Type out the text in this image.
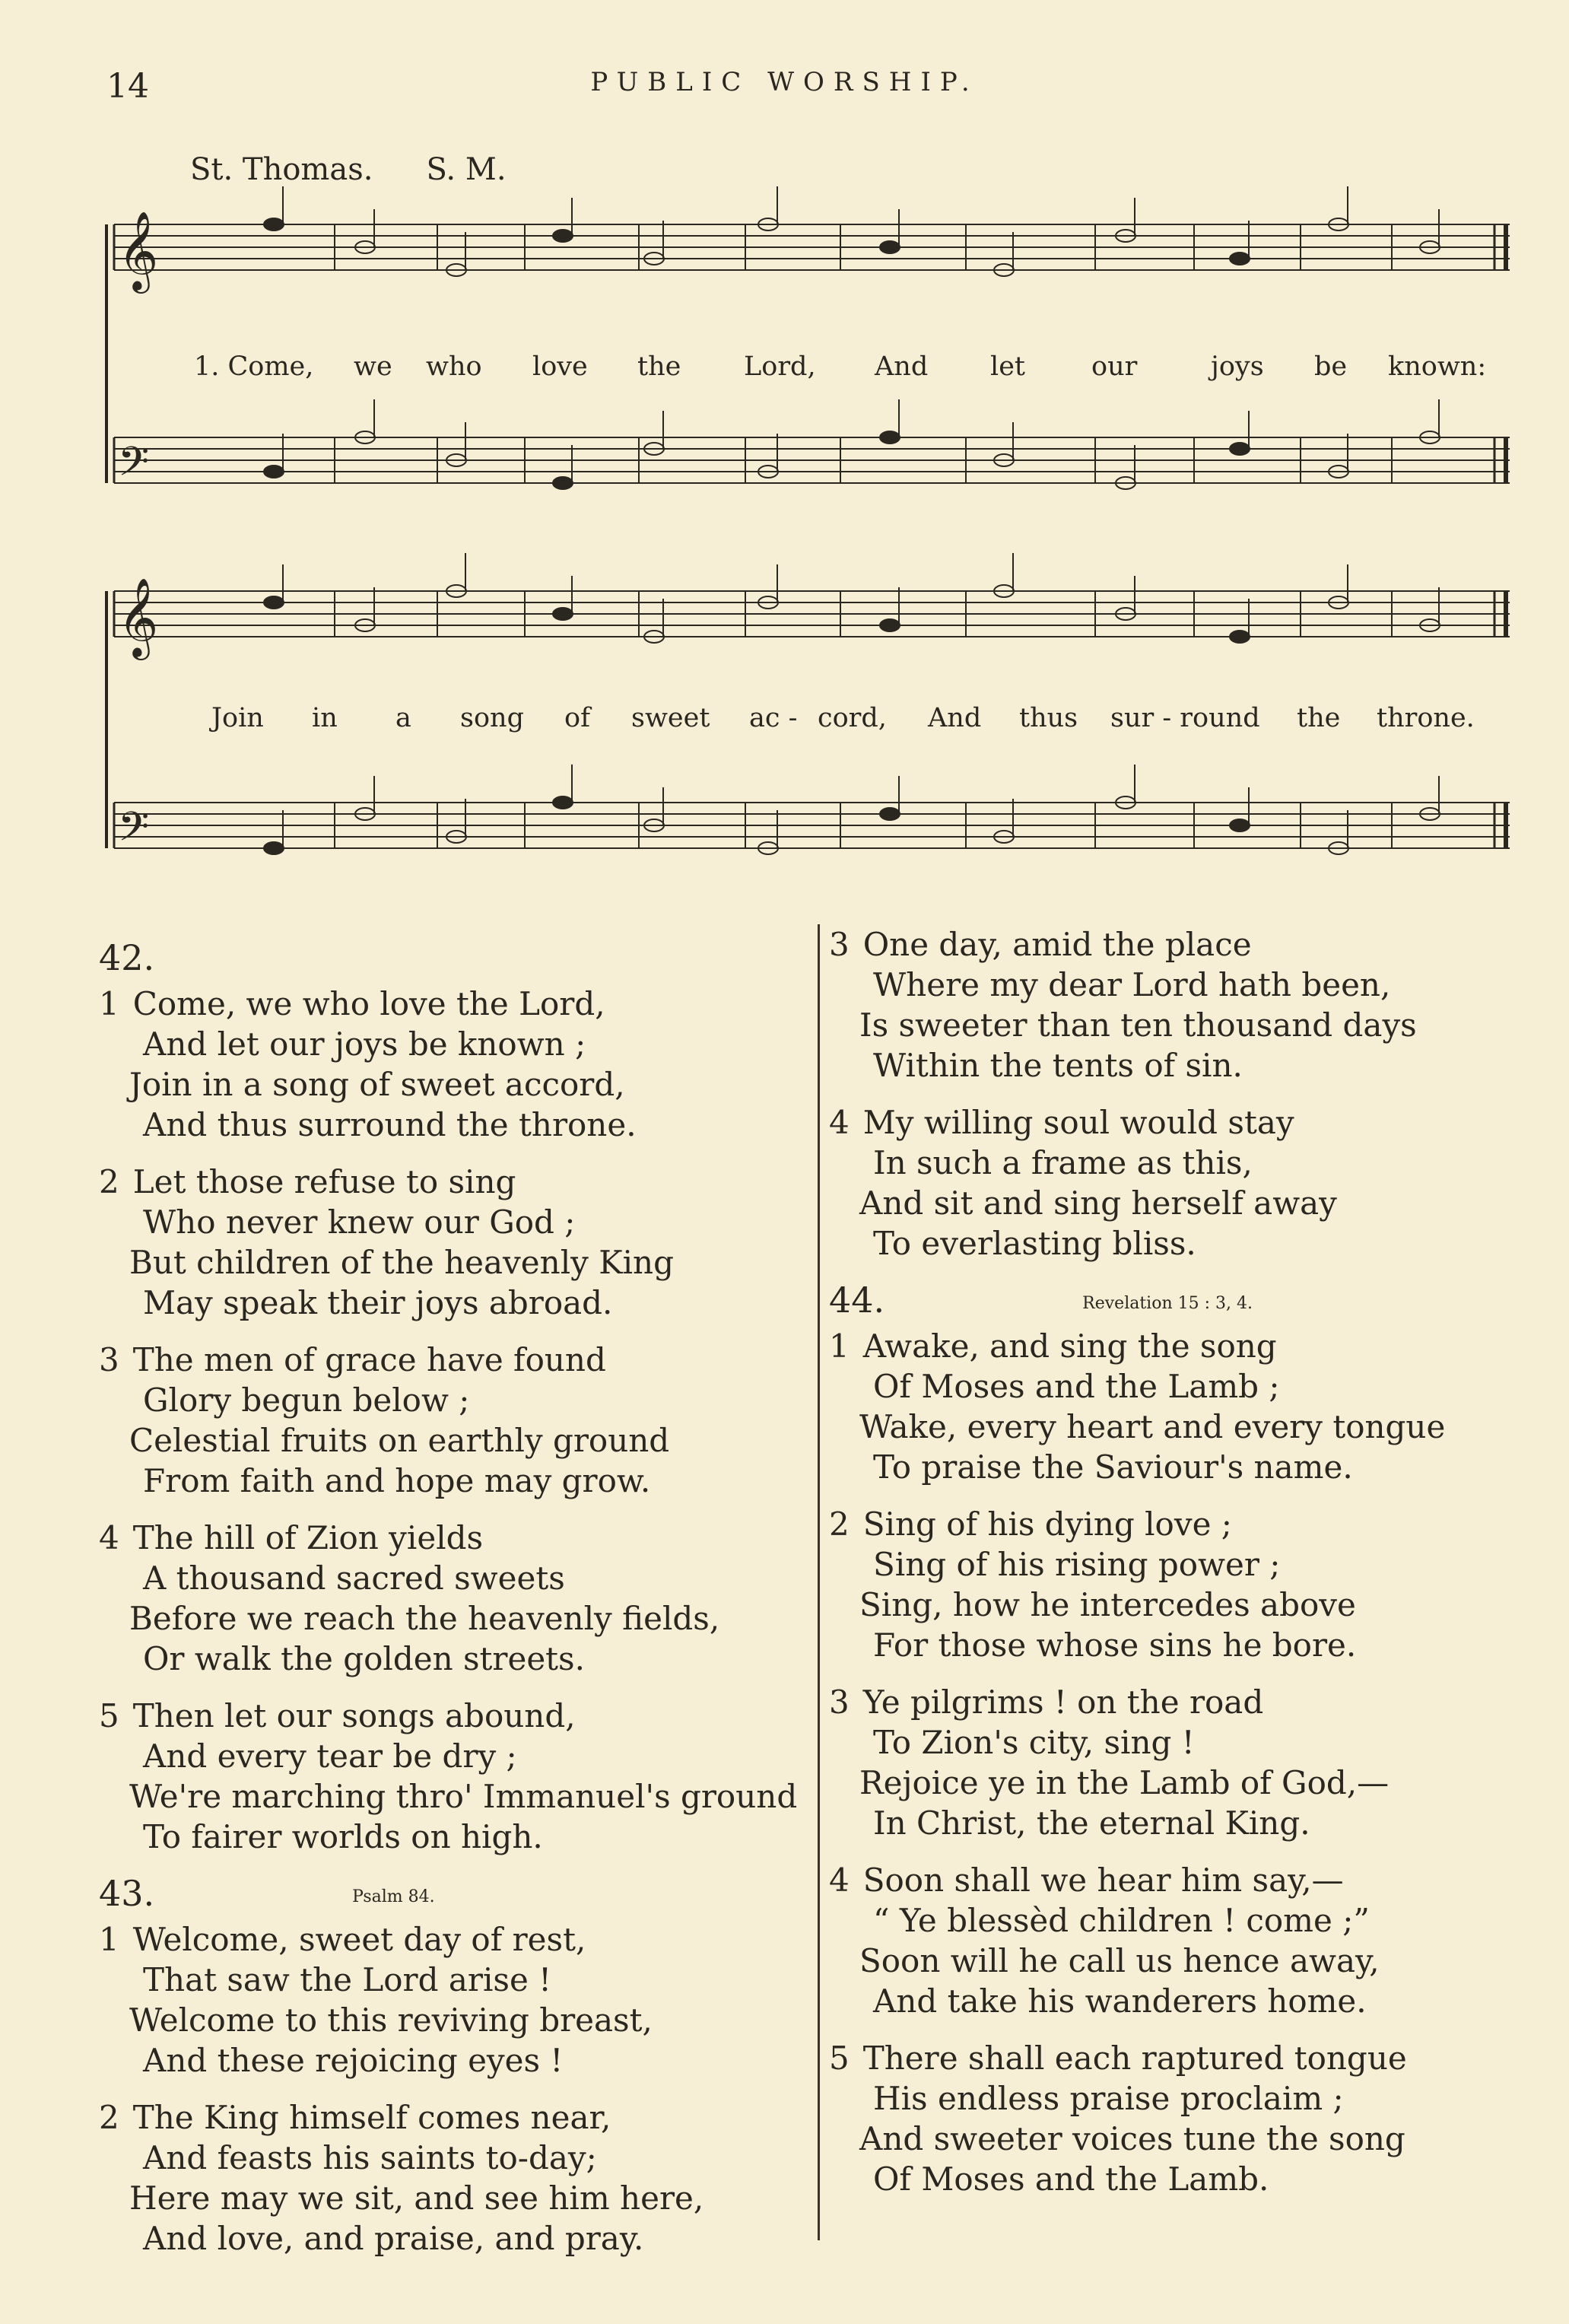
14	PUBLIC WORSHIP.
St. Thomas. S. M.
𝄞
𝄢
𝄞
𝄢
1. Come, we who love the Lord, And let our	joys be known:
Join in a song of sweet ac - cord, And thus sur - round the throne.
42.
1 Come, we who love the Lord,
And let our joys be known ;
Join in a song of sweet accord,
And thus surround the throne.
2 Let those refuse to sing
Who never knew our God ;
But children of the heavenly King
May speak their joys abroad.
3 The men of grace have found
Glory begun below ;
Celestial fruits on earthly ground
From faith and hope may grow.
4 The hill of Zion yields
A thousand sacred sweets
Before we reach the heavenly fields,
Or walk the golden streets.
5 Then let our songs abound,
And every tear be dry ;
We're marching thro' Immanuel's ground
To fairer worlds on high.
43.	Psalm 84.
1 Welcome, sweet day of rest,
That saw the Lord arise !
Welcome to this reviving breast,
And these rejoicing eyes !
2 The King himself comes near,
And feasts his saints to-day;
Here may we sit, and see him here,
And love, and praise, and pray.
3 One day, amid the place
Where my dear Lord hath been,
Is sweeter than ten thousand days
Within the tents of sin.
4 My willing soul would stay
In such a frame as this,
And sit and sing herself away
To everlasting bliss.
44.	Revelation 15 : 3, 4.
1 Awake, and sing the song
Of Moses and the Lamb ;
Wake, every heart and every tongue
To praise the Saviour's name.
2 Sing of his dying love ;
Sing of his rising power ;
Sing, how he intercedes above
For those whose sins he bore.
3 Ye pilgrims ! on the road
To Zion's city, sing !
Rejoice ye in the Lamb of God,—
In Christ, the eternal King.
4 Soon shall we hear him say,—
“ Ye blessèd children ! come ;”
Soon will he call us hence away,
And take his wanderers home.
5 There shall each raptured tongue
His endless praise proclaim ;
And sweeter voices tune the song
Of Moses and the Lamb.
